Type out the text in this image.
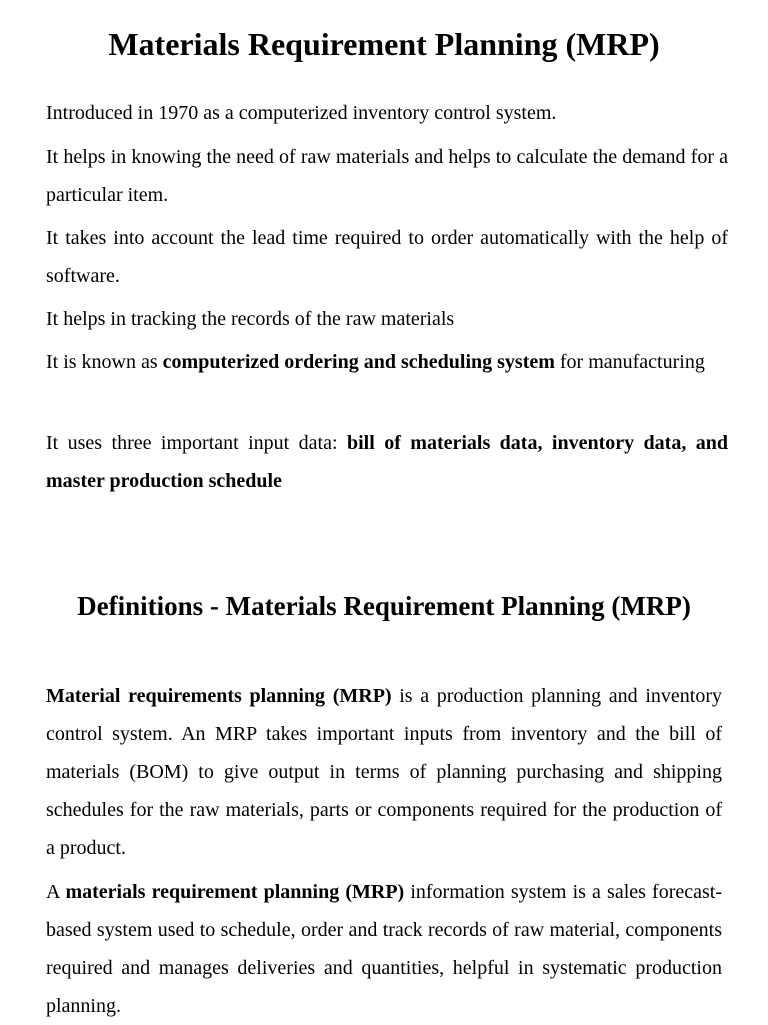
Materials Requirement Planning (MRP)

Introduced in 1970 as a computerized inventory control system.

It helps in knowing the need of raw materials and helps to calculate the demand for a particular item.

It takes into account the lead time required to order automatically with the help of software.

It helps in tracking the records of the raw materials

It is known as computerized ordering and scheduling system for manufacturing

It uses three important input data: bill of materials data, inventory data, and master production schedule

Definitions - Materials Requirement Planning (MRP)

Material requirements planning (MRP) is a production planning and inventory control system. An MRP takes important inputs from inventory and the bill of materials (BOM) to give output in terms of planning purchasing and shipping schedules for the raw materials, parts or components required for the production of a product.

A materials requirement planning (MRP) information system is a sales forecast-based system used to schedule, order and track records of raw material, components required and manages deliveries and quantities, helpful in systematic production planning.
